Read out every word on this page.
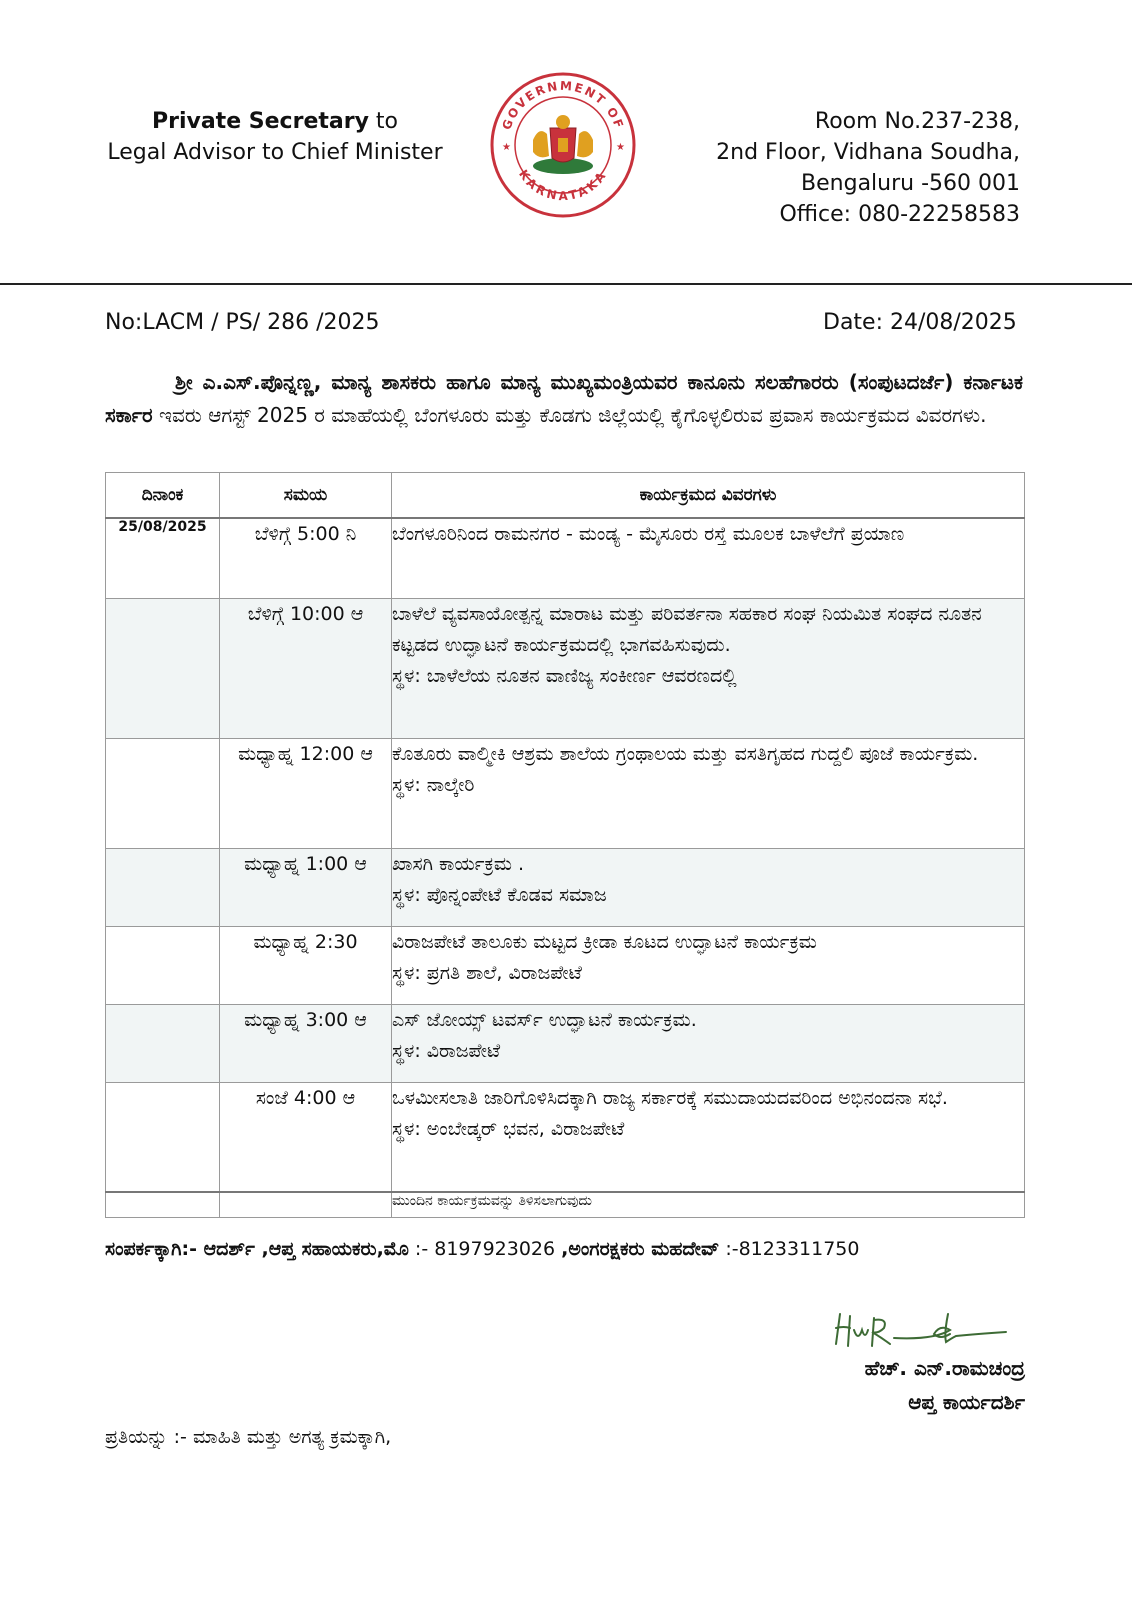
Private Secretary to
Legal Advisor to Chief Minister
GOVERNMENT OF
KARNATAKA
★	★
Room No.237-238,
2nd Floor, Vidhana Soudha,
Bengaluru -560 001
Office: 080-22258583
No:LACM / PS/ 286 /2025	Date: 24/08/2025
ಶ್ರೀ ಎ.ಎಸ್.ಪೊನ್ನಣ್ಣ, ಮಾನ್ಯ ಶಾಸಕರು ಹಾಗೂ ಮಾನ್ಯ ಮುಖ್ಯಮಂತ್ರಿಯವರ ಕಾನೂನು ಸಲಹೆಗಾರರು (ಸಂಪುಟದರ್ಜೆ) ಕರ್ನಾಟಕ ಸರ್ಕಾರ ಇವರು ಆಗಸ್ಟ್ 2025 ರ ಮಾಹೆಯಲ್ಲಿ ಬೆಂಗಳೂರು ಮತ್ತು ಕೊಡಗು ಜಿಲ್ಲೆಯಲ್ಲಿ ಕೈಗೊಳ್ಳಲಿರುವ ಪ್ರವಾಸ ಕಾರ್ಯಕ್ರಮದ ವಿವರಗಳು.
ದಿನಾಂಕ	ಸಮಯ	ಕಾರ್ಯಕ್ರಮದ ವಿವರಗಳು
25/08/2025	ಬೆಳಿಗ್ಗೆ 5:00 ನಿ	ಬೆಂಗಳೂರಿನಿಂದ ರಾಮನಗರ - ಮಂಡ್ಯ - ಮೈಸೂರು ರಸ್ತೆ ಮೂಲಕ ಬಾಳೆಲೆಗೆ ಪ್ರಯಾಣ

	ಬೆಳಿಗ್ಗೆ 10:00 ಆ	ಬಾಳೆಲೆ ವ್ಯವಸಾಯೋತ್ಪನ್ನ ಮಾರಾಟ ಮತ್ತು ಪರಿವರ್ತನಾ ಸಹಕಾರ ಸಂಘ ನಿಯಮಿತ ಸಂಘದ ನೂತನ ಕಟ್ಟಡದ ಉದ್ಘಾಟನೆ ಕಾರ್ಯಕ್ರಮದಲ್ಲಿ ಭಾಗವಹಿಸುವುದು.
ಸ್ಥಳ: ಬಾಳೆಲೆಯ ನೂತನ ವಾಣಿಜ್ಯ ಸಂಕೀರ್ಣ ಆವರಣದಲ್ಲಿ

	ಮಧ್ಯಾಹ್ನ 12:00 ಆ	ಕೊತೂರು ವಾಲ್ಮೀಕಿ ಆಶ್ರಮ ಶಾಲೆಯ ಗ್ರಂಥಾಲಯ ಮತ್ತು ವಸತಿಗೃಹದ ಗುದ್ದಲಿ ಪೂಜೆ ಕಾರ್ಯಕ್ರಮ.
ಸ್ಥಳ: ನಾಲ್ಕೇರಿ

	ಮಧ್ಯಾಹ್ನ 1:00 ಆ	ಖಾಸಗಿ ಕಾರ್ಯಕ್ರಮ .
ಸ್ಥಳ: ಪೊನ್ನಂಪೇಟೆ ಕೊಡವ ಸಮಾಜ

	ಮಧ್ಯಾಹ್ನ 2:30	ವಿರಾಜಪೇಟೆ ತಾಲೂಕು ಮಟ್ಟದ ಕ್ರೀಡಾ ಕೂಟದ ಉದ್ಘಾಟನೆ ಕಾರ್ಯಕ್ರಮ
ಸ್ಥಳ: ಪ್ರಗತಿ ಶಾಲೆ, ವಿರಾಜಪೇಟೆ

	ಮಧ್ಯಾಹ್ನ 3:00 ಆ	ಎಸ್ ಜೋಯ್ಸ್ ಟವರ್ಸ್ ಉದ್ಘಾಟನೆ ಕಾರ್ಯಕ್ರಮ.
ಸ್ಥಳ: ವಿರಾಜಪೇಟೆ

	ಸಂಜೆ 4:00 ಆ	ಒಳಮೀಸಲಾತಿ ಜಾರಿಗೊಳಿಸಿದಕ್ಕಾಗಿ ರಾಜ್ಯ ಸರ್ಕಾರಕ್ಕೆ ಸಮುದಾಯದವರಿಂದ ಅಭಿನಂದನಾ ಸಭೆ.
ಸ್ಥಳ: ಅಂಬೇಡ್ಕರ್ ಭವನ, ವಿರಾಜಪೇಟೆ

		ಮುಂದಿನ ಕಾರ್ಯಕ್ರಮವನ್ನು ತಿಳಿಸಲಾಗುವುದು
ಸಂಪರ್ಕಕ್ಕಾಗಿ:- ಆದರ್ಶ್ ,ಆಪ್ತ ಸಹಾಯಕರು,ಮೊ :- 8197923026 ,ಅಂಗರಕ್ಷಕರು ಮಹದೇವ್ :-8123311750
ಹೆಚ್. ಎನ್.ರಾಮಚಂದ್ರ
ಆಪ್ತ ಕಾರ್ಯದರ್ಶಿ
ಪ್ರತಿಯನ್ನು :- ಮಾಹಿತಿ ಮತ್ತು ಅಗತ್ಯ ಕ್ರಮಕ್ಕಾಗಿ,
